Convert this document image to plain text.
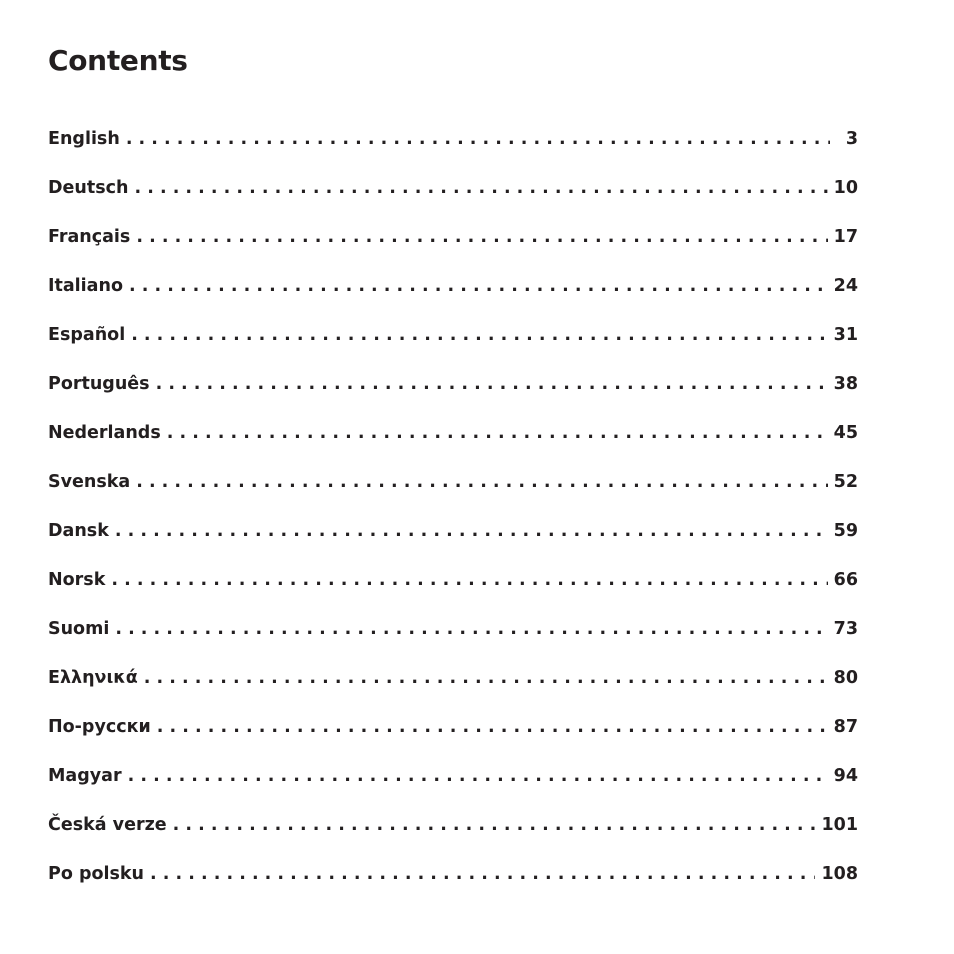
Contents
English . . .	3
Deutsch . . .	10
Français . . .	17
Italiano . . .	24
Español . . .	31
Português . . .	38
Nederlands . . .	45
Svenska . . .	52
Dansk . . .	59
Norsk . . .	66
Suomi . . .	73
Ελληνικά . . .	80
По-русски . . .	87
Magyar . . .	94
Česká verze . . .	101
Po polsku . . .	108
